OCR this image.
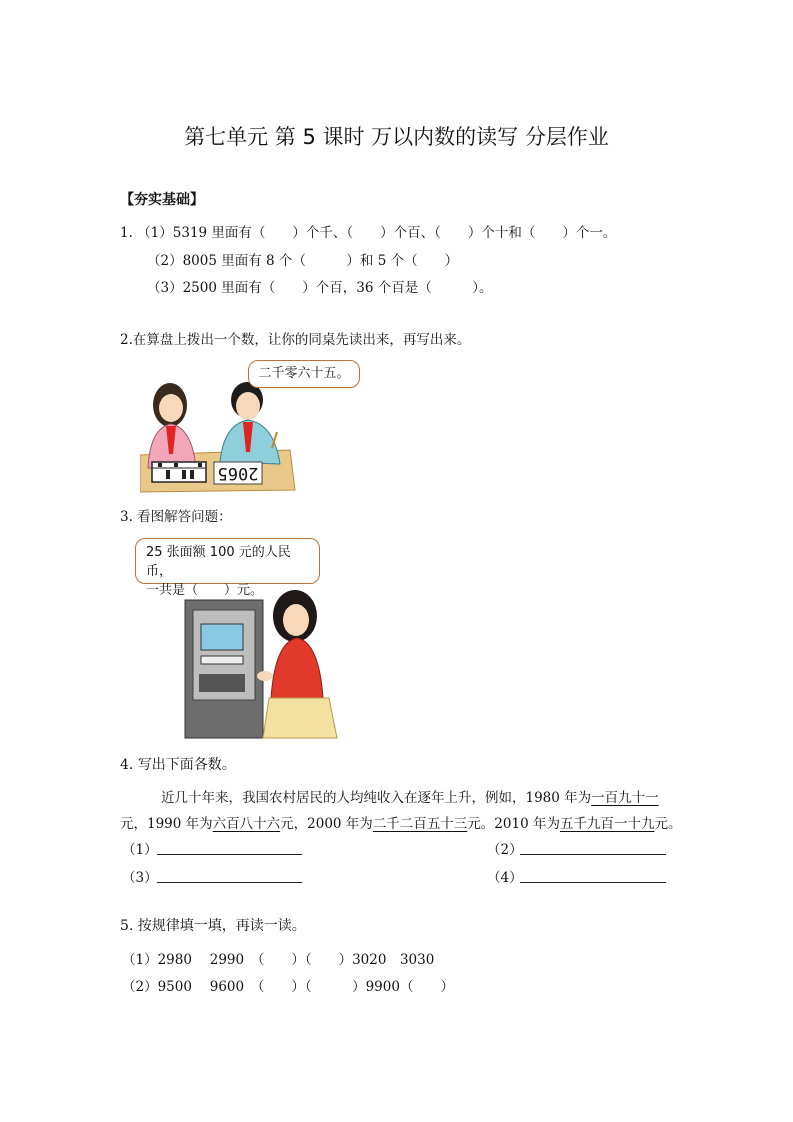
第七单元 第 5 课时 万以内数的读写 分层作业
【夯实基础】
1. （1）5319 里面有（　　）个千、（　　）个百、（　　）个十和（　　）个一。
（2）8005 里面有 8 个（　　　）和 5 个（　　）
（3）2500 里面有（　　）个百，36 个百是（　　　）。
2.在算盘上拨出一个数，让你的同桌先读出来，再写出来。
2065
二千零六十五。
3. 看图解答问题：
25 张面额 100 元的人民币，
一共是（　　）元。
4. 写出下面各数。
近几十年来，我国农村居民的人均纯收入在逐年上升，例如，1980 年为一百九十一
元，1990 年为六百八十六元，2000 年为二千二百五十三元。2010 年为五千九百一十九元。
（1）	（2）
（3）	（4）
5. 按规律填一填，再读一读。
（1）2980　 2990　（　　）（　　）3020　3030
（2）9500　 9600　（　　）（　　　）9900（　　）
